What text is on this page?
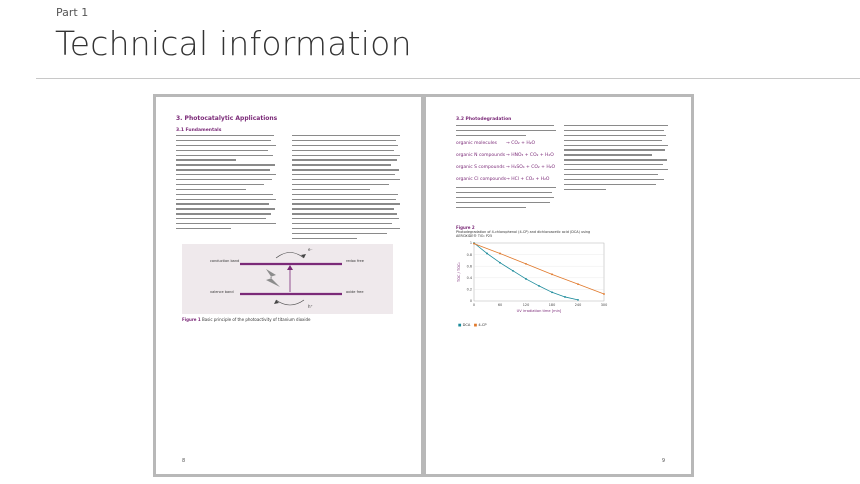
Part 1
Technical information
3. Photocatalytic Applications
3.1 Fundamentals
conduction band
valence band
redox free
oxide free
e⁻
h⁺
Figure 1 Basic principle of the photoactivity of titanium dioxide
8
3.2 Photodegradation
organic molecules → CO₂ + H₂O
organic N compounds → HNO₃ + CO₂ + H₂O
organic S compounds → H₂SO₄ + CO₂ + H₂O
organic Cl compounds → HCl + CO₂ + H₂O
Figure 2
Photodegradation of 4-chlorophenol (4-CP) and dichloroacetic acid (DCA) using AEROXIDE® TiO₂ P25
0
0.2
0.4
0.6
0.8
1
0	60	120	180	240	300
UV irradiation time [min]
TOC / TOC₀
■ DCA ■ 4-CP
9
